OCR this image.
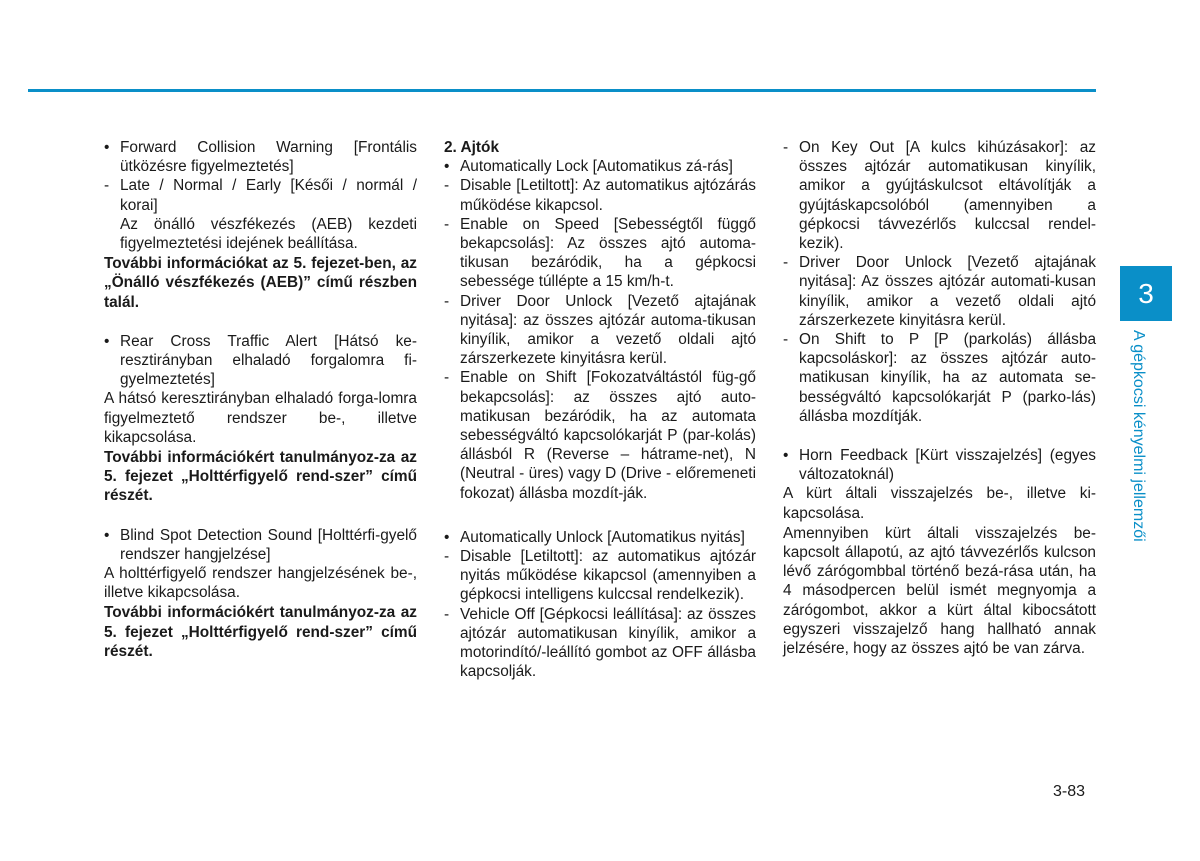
• Forward Collision Warning [Frontális ütközésre figyelmeztetés]

- Late / Normal / Early [Késői / normál / korai]

Az önálló vészfékezés (AEB) kezdeti figyelmeztetési idejének beállítása.

További információkat az 5. fejezet-ben, az „Önálló vészfékezés (AEB)” című részben talál.

• Rear Cross Traffic Alert [Hátsó ke-resztirányban elhaladó forgalomra fi-gyelmeztetés]

A hátsó keresztirányban elhaladó forga-lomra figyelmeztető rendszer be-, illetve kikapcsolása.

További információkért tanulmányoz-za az 5. fejezet „Holttérfigyelő rend-szer” című részét.

• Blind Spot Detection Sound [Holttérfi-gyelő rendszer hangjelzése]

A holttérfigyelő rendszer hangjelzésének be-, illetve kikapcsolása.

További információkért tanulmányoz-za az 5. fejezet „Holttérfigyelő rend-szer” című részét.

2. Ajtók

• Automatically Lock [Automatikus zá-rás]

- Disable [Letiltott]: Az automatikus ajtózárás működése kikapcsol.

- Enable on Speed [Sebességtől függő bekapcsolás]: Az összes ajtó automa-tikusan bezáródik, ha a gépkocsi sebessége túllépte a 15 km/h-t.

- Driver Door Unlock [Vezető ajtajának nyitása]: az összes ajtózár automa-tikusan kinyílik, amikor a vezető oldali ajtó zárszerkezete kinyitásra kerül.

- Enable on Shift [Fokozatváltástól füg-gő bekapcsolás]: az összes ajtó auto-matikusan bezáródik, ha az automata sebességváltó kapcsolókarját P (par-kolás) állásból R (Reverse – hátrame-net), N (Neutral - üres) vagy D (Drive - előremeneti fokozat) állásba mozdít-ják.

• Automatically Unlock [Automatikus nyitás]

- Disable [Letiltott]: az automatikus ajtózár nyitás működése kikapcsol (amennyiben a gépkocsi intelligens kulccsal rendelkezik).

- Vehicle Off [Gépkocsi leállítása]: az összes ajtózár automatikusan kinyílik, amikor a motorindító/-leállító gombot az OFF állásba kapcsolják.

- On Key Out [A kulcs kihúzásakor]: az összes ajtózár automatikusan kinyílik, amikor a gyújtáskulcsot eltávolítják a gyújtáskapcsolóból (amennyiben a gépkocsi távvezérlős kulccsal rendel-kezik).

- Driver Door Unlock [Vezető ajtajának nyitása]: Az összes ajtózár automati-kusan kinyílik, amikor a vezető oldali ajtó zárszerkezete kinyitásra kerül.

- On Shift to P [P (parkolás) állásba kapcsoláskor]: az összes ajtózár auto-matikusan kinyílik, ha az automata se-bességváltó kapcsolókarját P (parko-lás) állásba mozdítják.

• Horn Feedback [Kürt visszajelzés] (egyes változatoknál)

A kürt általi visszajelzés be-, illetve ki-kapcsolása.

Amennyiben kürt általi visszajelzés be-kapcsolt állapotú, az ajtó távvezérlős kulcson lévő zárógombbal történő bezá-rása után, ha 4 másodpercen belül ismét megnyomja a zárógombot, akkor a kürt által kibocsátott egyszeri visszajelző hang hallható annak jelzésére, hogy az összes ajtó be van zárva.

3
A gépkocsi kényelmi jellemzői
3-83
